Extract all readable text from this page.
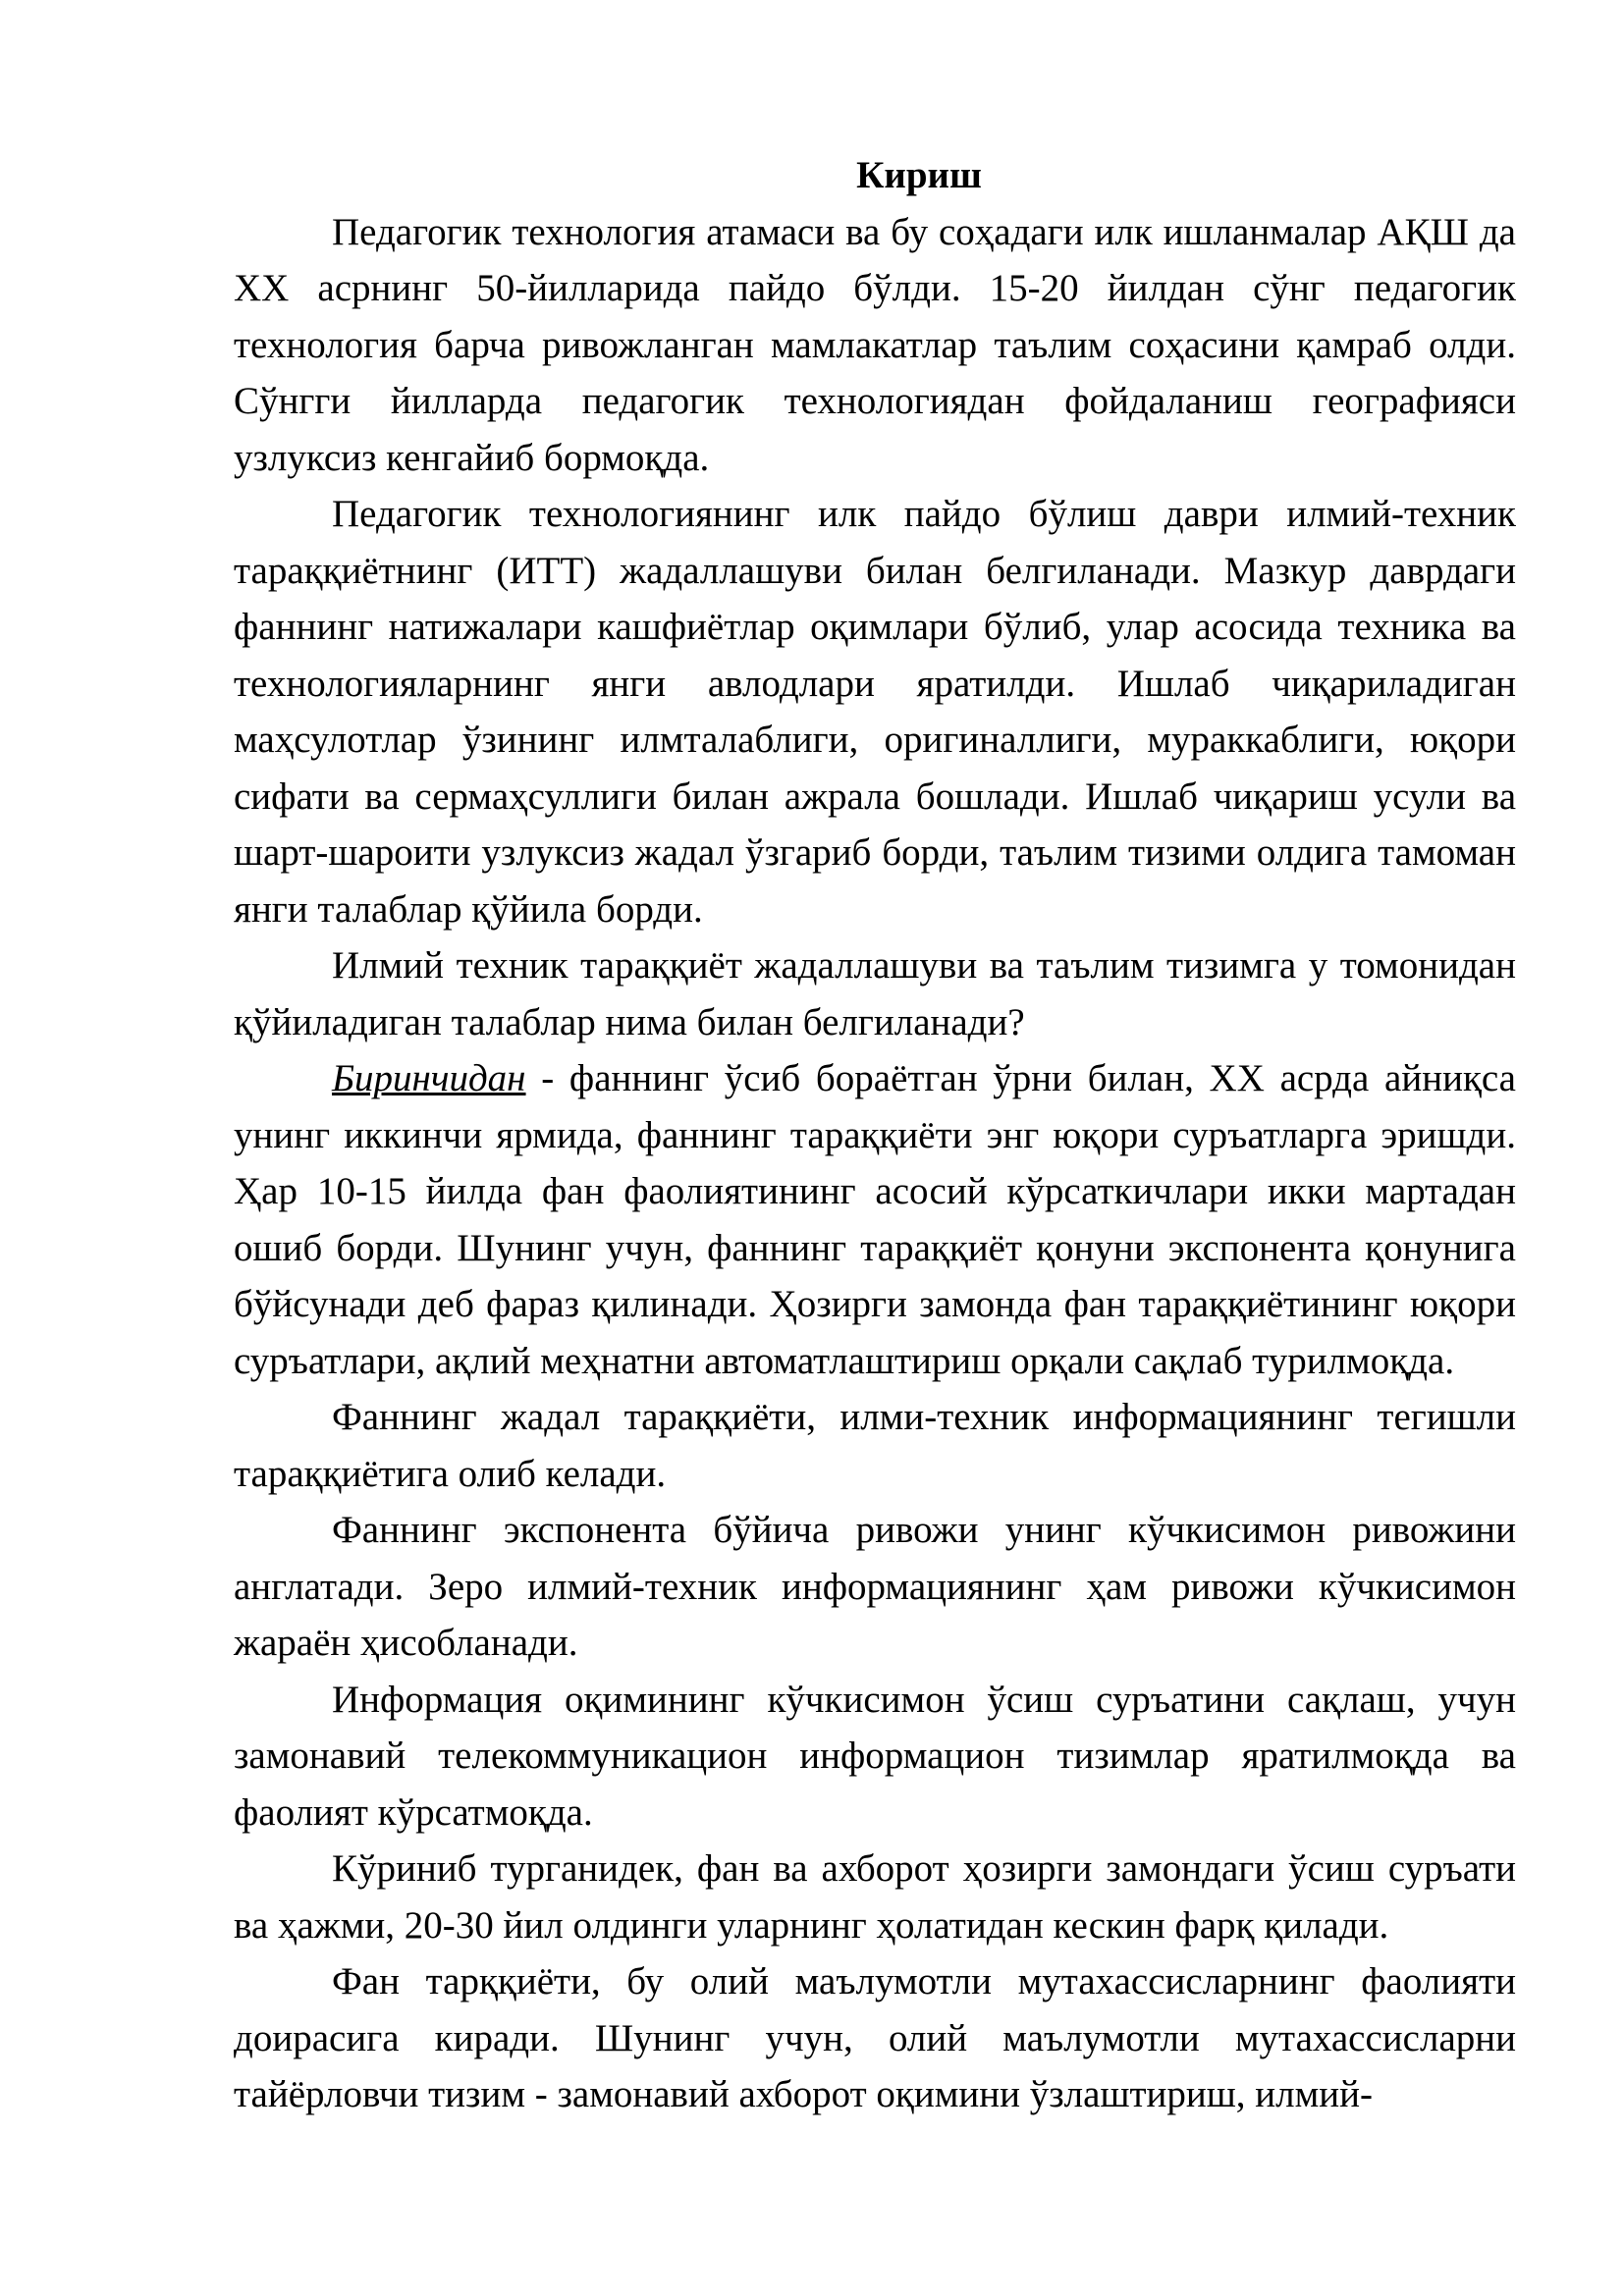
Кириш

Педагогик технология атамаси ва бу соҳадаги илк ишланмалар АҚШ да XX асрнинг 50-йилларида пайдо бўлди. 15-20 йилдан сўнг педагогик технология барча ривожланган мамлакатлар таълим соҳасини қамраб олди. Сўнгги йилларда педагогик технологиядан фойдаланиш географияси узлуксиз кенгайиб бормоқда.

Педагогик технологиянинг илк пайдо бўлиш даври илмий-техник тараққиётнинг (ИТТ) жадаллашуви билан белгиланади. Мазкур даврдаги фаннинг натижалари кашфиётлар оқимлари бўлиб, улар асосида техника ва технологияларнинг янги авлодлари яратилди. Ишлаб чиқариладиган маҳсулотлар ўзининг илмталаблиги, оригиналлиги, мураккаблиги, юқори сифати ва сермаҳсуллиги билан ажрала бошлади. Ишлаб чиқариш усули ва шарт-шароити узлуксиз жадал ўзгариб борди, таълим тизими олдига тамоман янги талаблар қўйила борди.

Илмий техник тараққиёт жадаллашуви ва таълим тизимга у томонидан қўйиладиган талаблар нима билан белгиланади?

Биринчидан - фаннинг ўсиб бораётган ўрни билан, XX асрда айниқса унинг иккинчи ярмида, фаннинг тараққиёти энг юқори суръатларга эришди. Ҳар 10-15 йилда фан фаолиятининг асосий кўрсаткичлари икки мартадан ошиб борди. Шунинг учун, фаннинг тараққиёт қонуни экспонента қонунига бўйсунади деб фараз қилинади. Ҳозирги замонда фан тараққиётининг юқори суръатлари, ақлий меҳнатни автоматлаштириш орқали сақлаб турилмоқда.

Фаннинг жадал тараққиёти, илми-техник информациянинг тегишли тараққиётига олиб келади.

Фаннинг экспонента бўйича ривожи унинг кўчкисимон ривожини англатади. Зеро илмий-техник информациянинг ҳам ривожи кўчкисимон жараён ҳисобланади.

Информация оқимининг кўчкисимон ўсиш суръатини сақлаш, учун замонавий телекоммуникацион информацион тизимлар яратилмоқда ва фаолият кўрсатмоқда.

Кўриниб турганидек, фан ва ахборот ҳозирги замондаги ўсиш суръати ва ҳажми, 20-30 йил олдинги уларнинг ҳолатидан кескин фарқ қилади.

Фан тарққиёти, бу олий маълумотли мутахассисларнинг фаолияти доирасига киради. Шунинг учун, олий маълумотли мутахассисларни тайёрловчи тизим - замонавий ахборот оқимини ўзлаштириш, илмий-
